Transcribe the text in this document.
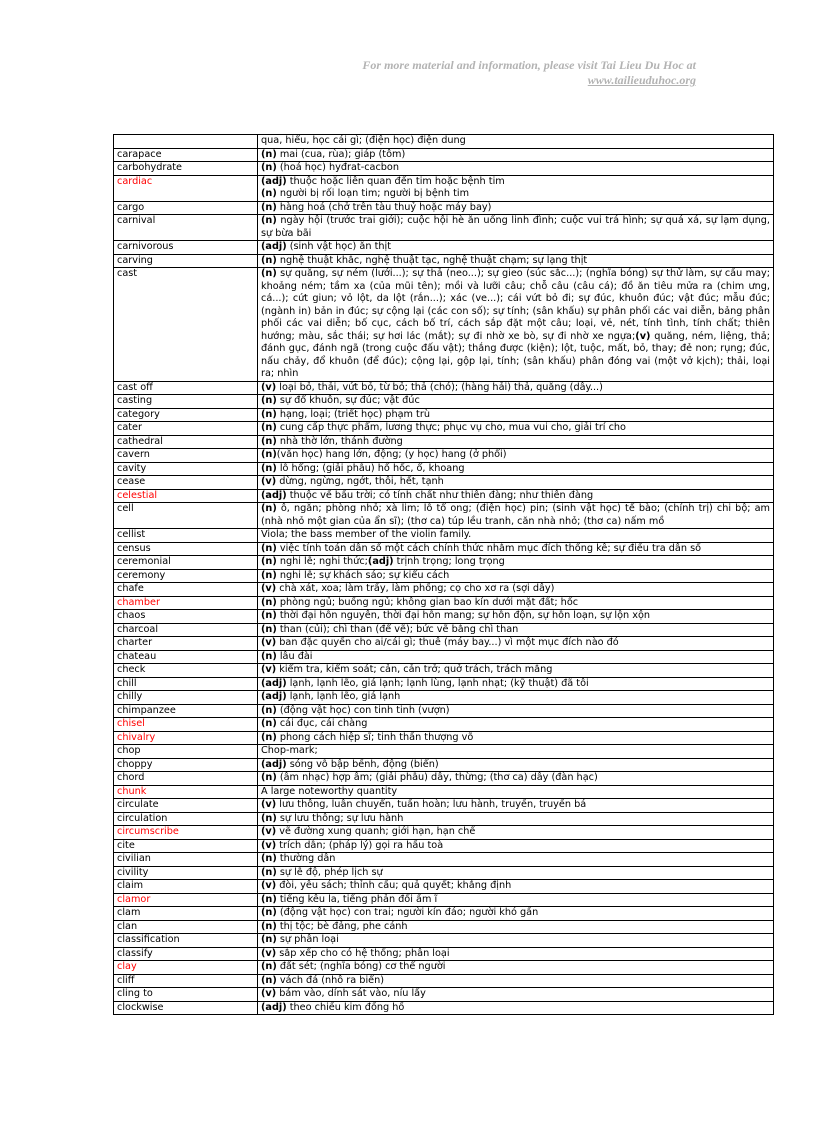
For more material and information, please visit Tai Lieu Du Hoc at
www.tailieuduhoc.org
	qua, hiểu, học cái gì; (điện học) điện dung
carapace	(n) mai (cua, rùa); giáp (tôm)
carbohydrate	(n) (hoá học) hyđrat-cacbon
cardiac	(adj) thuộc hoặc liên quan đến tim hoặc bệnh tim
(n) người bị rối loạn tim; người bị bệnh tim
cargo	(n) hàng hoá (chở trên tàu thuỷ hoặc máy bay)
carnival	(n) ngày hội (trước trai giới); cuộc hội hè ăn uống linh đình; cuộc vui trá hình; sự quá xá, sự lạm dụng, sự bừa bãi
carnivorous	(adj) (sinh vật học) ăn thịt
carving	(n) nghệ thuật khắc, nghệ thuật tạc, nghệ thuật chạm; sự lạng thịt
cast	(n) sự quăng, sự ném (lưới...); sự thả (neo...); sự gieo (súc sắc...); (nghĩa bóng) sự thử làm, sự cầu may; khoảng ném; tầm xa (của mũi tên); mồi và lưỡi câu; chỗ câu (câu cá); đồ ăn tiêu mửa ra (chim ưng, cá...); cứt giun; vỏ lột, da lột (rắn...); xác (ve...); cái vứt bỏ đi; sự đúc, khuôn đúc; vật đúc; mẫu đúc; (ngành in) bản in đúc; sự cộng lại (các con số); sự tính; (sân khấu) sự phân phối các vai diễn, bảng phân phối các vai diễn; bố cục, cách bố trí, cách sắp đặt một câu; loại, vẻ, nét, tính tình, tính chất; thiên hướng; màu, sắc thái; sự hơi lác (mắt); sự đi nhờ xe bò, sự đi nhờ xe ngựa;(v) quăng, ném, liệng, thả; đánh gục, đánh ngã (trong cuộc đấu vật); thắng được (kiện); lột, tuộc, mất, bỏ, thay; đẻ non; rụng; đúc, nấu chảy, đổ khuôn (để đúc); cộng lại, gộp lại, tính; (sân khấu) phân đóng vai (một vở kịch); thải, loại ra; nhìn
cast off	(v) loại bỏ, thải, vứt bỏ, từ bỏ; thả (chó); (hàng hải) thả, quăng (dây...)
casting	(n) sự đổ khuôn, sự đúc; vật đúc
category	(n) hạng, loại; (triết học) phạm trù
cater	(n) cung cấp thực phẩm, lương thực; phục vụ cho, mua vui cho, giải trí cho
cathedral	(n) nhà thờ lớn, thánh đường
cavern	(n)(văn học) hang lớn, động; (y học) hang (ở phổi)
cavity	(n) lỗ hổng; (giải phẫu) hố hốc, ổ, khoang
cease	(v) dừng, ngừng, ngớt, thôi, hết, tạnh
celestial	(adj) thuộc về bầu trời; có tính chất như thiên đàng; như thiên đàng
cell	(n) ô, ngăn; phòng nhỏ; xà lim; lỗ tổ ong; (điện học) pin; (sinh vật học) tế bào; (chính trị) chi bộ; am (nhà nhỏ một gian của ẩn sĩ); (thơ ca) túp lều tranh, căn nhà nhỏ; (thơ ca) nấm mồ
cellist	Viola; the bass member of the violin family.
census	(n) việc tính toán dân số một cách chính thức nhằm mục đích thống kê; sự điều tra dân số
ceremonial	(n) nghi lễ; nghi thức;(adj) trịnh trọng; long trọng
ceremony	(n) nghi lễ; sự khách sáo; sự kiểu cách
chafe	(v) chà xát, xoa; làm trầy, làm phồng; cọ cho xơ ra (sợi dây)
chamber	(n) phòng ngủ; buồng ngủ; không gian bao kín dưới mặt đất; hốc
chaos	(n) thời đại hỗn nguyên, thời đại hỗn mang; sự hỗn độn, sự hỗn loạn, sự lộn xộn
charcoal	(n) than (củi); chì than (để vẽ); bức vẽ bằng chì than
charter	(v) ban đặc quyền cho ai/cái gì; thuê (máy bay...) vì một mục đích nào đó
chateau	(n) lâu đài
check	(v) kiểm tra, kiểm soát; cản, cản trở; quở trách, trách mắng
chill	(adj) lạnh, lạnh lẽo, giá lạnh; lạnh lùng, lạnh nhạt; (kỹ thuật) đã tôi
chilly	(adj) lạnh, lạnh lẽo, giá lạnh
chimpanzee	(n) (động vật học) con tinh tinh (vượn)
chisel	(n) cái đục, cái chàng
chivalry	(n) phong cách hiệp sĩ; tinh thần thượng võ
chop	Chop-mark;
choppy	(adj) sóng vỗ bập bềnh, động (biển)
chord	(n) (âm nhạc) hợp âm; (giải phẫu) dây, thừng; (thơ ca) dây (đàn hạc)
chunk	A large noteworthy quantity
circulate	(v) lưu thông, luân chuyển, tuần hoàn; lưu hành, truyền, truyền bá
circulation	(n) sự lưu thông; sự lưu hành
circumscribe	(v) vẽ đường xung quanh; giới hạn, hạn chế
cite	(v) trích dẫn; (pháp lý) gọi ra hầu toà
civilian	(n) thường dân
civility	(n) sự lễ độ, phép lịch sự
claim	(v) đòi, yêu sách; thỉnh cầu; quả quyết; khẳng định
clamor	(n) tiếng kêu la, tiếng phản đối ầm ĩ
clam	(n) (động vật học) con trai; người kín đáo; người khó gần
clan	(n) thị tộc; bè đảng, phe cánh
classification	(n) sự phân loại
classify	(v) sắp xếp cho có hệ thống; phân loại
clay	(n) đất sét; (nghĩa bóng) cơ thể người
cliff	(n) vách đá (nhô ra biển)
cling to	(v) bám vào, dính sát vào, níu lấy
clockwise	(adj) theo chiều kim đồng hồ
